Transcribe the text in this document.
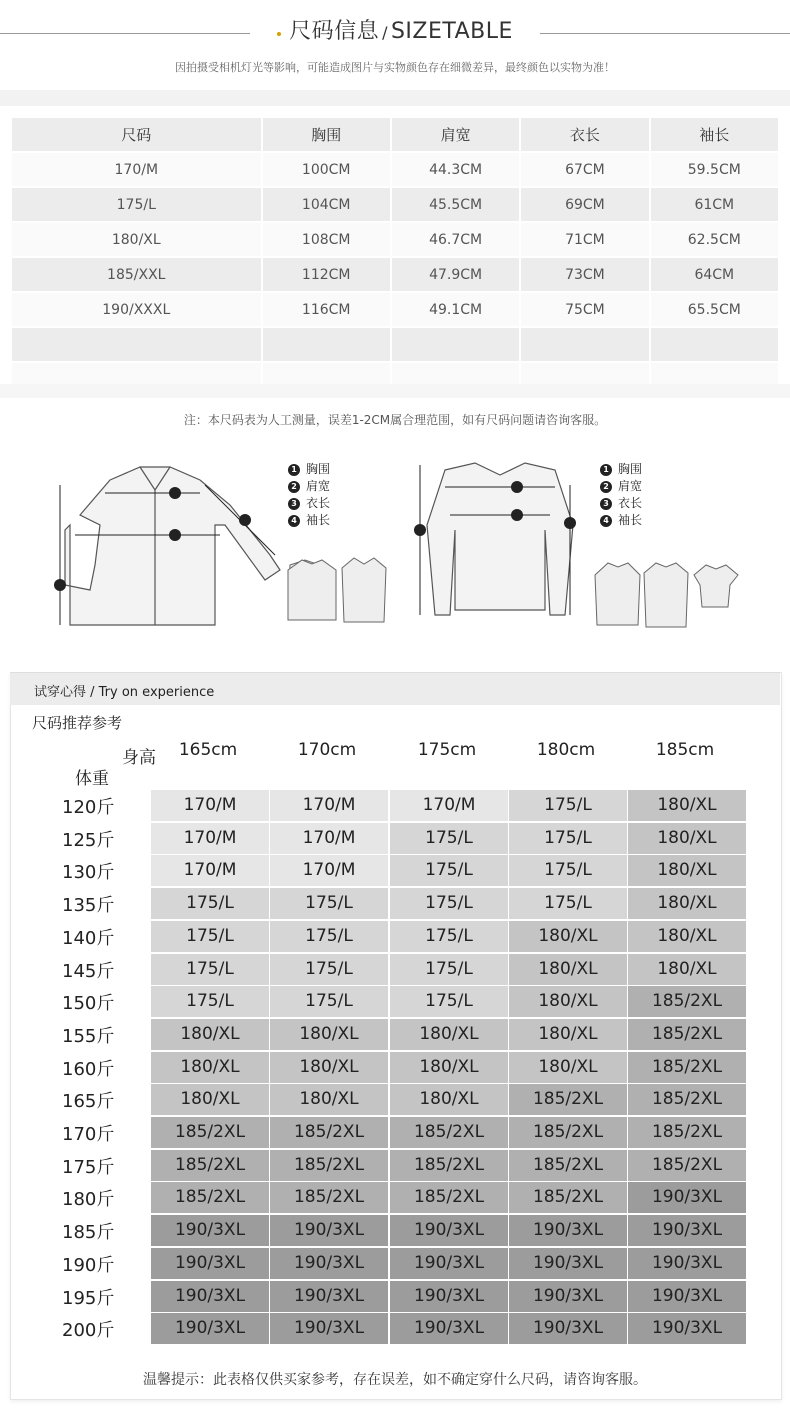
尺码信息 / SIZETABLE
因拍摄受相机灯光等影响，可能造成图片与实物颜色存在细微差异，最终颜色以实物为准！
尺码	胸围	肩宽	衣长	袖长
170/M	100CM	44.3CM	67CM	59.5CM
175/L	104CM	45.5CM	69CM	61CM
180/XL	108CM	46.7CM	71CM	62.5CM
185/XXL	112CM	47.9CM	73CM	64CM
190/XXXL	116CM	49.1CM	75CM	65.5CM

注：本尺码表为人工测量，误差1-2CM属合理范围，如有尺码问题请咨询客服。
1 胸围
2 肩宽
3 衣长
4 袖长
1 胸围
2 肩宽
3 衣长
4 袖长
试穿心得 / Try on experience
尺码推荐参考
身高
体重
165cm	170cm	175cm	180cm	185cm
120斤	170/M	170/M	170/M	175/L	180/XL
125斤	170/M	170/M	175/L	175/L	180/XL
130斤	170/M	170/M	175/L	175/L	180/XL
135斤	175/L	175/L	175/L	175/L	180/XL
140斤	175/L	175/L	175/L	180/XL	180/XL
145斤	175/L	175/L	175/L	180/XL	180/XL
150斤	175/L	175/L	175/L	180/XL	185/2XL
155斤	180/XL	180/XL	180/XL	180/XL	185/2XL
160斤	180/XL	180/XL	180/XL	180/XL	185/2XL
165斤	180/XL	180/XL	180/XL	185/2XL	185/2XL
170斤	185/2XL	185/2XL	185/2XL	185/2XL	185/2XL
175斤	185/2XL	185/2XL	185/2XL	185/2XL	185/2XL
180斤	185/2XL	185/2XL	185/2XL	185/2XL	190/3XL
185斤	190/3XL	190/3XL	190/3XL	190/3XL	190/3XL
190斤	190/3XL	190/3XL	190/3XL	190/3XL	190/3XL
195斤	190/3XL	190/3XL	190/3XL	190/3XL	190/3XL
200斤	190/3XL	190/3XL	190/3XL	190/3XL	190/3XL
温馨提示：此表格仅供买家参考，存在误差，如不确定穿什么尺码，请咨询客服。
